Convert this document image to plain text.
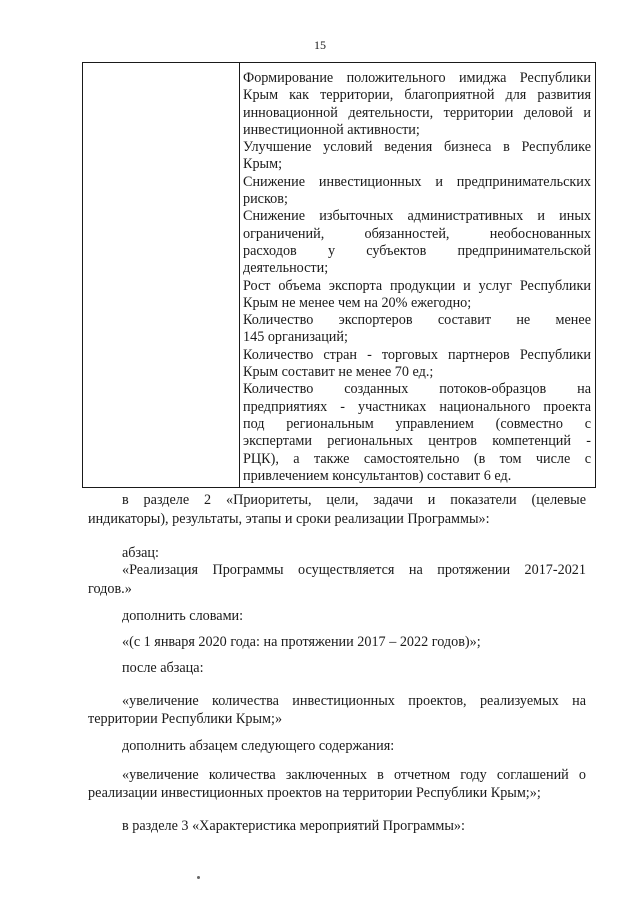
15
Формирование положительного имиджа Республики
Крым как территории, благоприятной для развития
инновационной деятельности, территории деловой и
инвестиционной активности;
Улучшение условий ведения бизнеса в Республике
Крым;
Снижение инвестиционных и предпринимательских
рисков;
Снижение избыточных административных и иных
ограничений, обязанностей, необоснованных
расходов у субъектов предпринимательской
деятельности;
Рост объема экспорта продукции и услуг Республики
Крым не менее чем на 20% ежегодно;
Количество экспортеров составит не менее
145 организаций;
Количество стран - торговых партнеров Республики
Крым составит не менее 70 ед.;
Количество созданных потоков-образцов на
предприятиях - участниках национального проекта
под региональным управлением (совместно с
экспертами региональных центров компетенций -
РЦК), а также самостоятельно (в том числе с
привлечением консультантов) составит 6 ед.
в разделе 2 «Приоритеты, цели, задачи и показатели (целевые
индикаторы), результаты, этапы и сроки реализации Программы»:
абзац:
«Реализация Программы осуществляется на протяжении 2017-2021
годов.»
дополнить словами:
«(с 1 января 2020 года: на протяжении 2017 – 2022 годов)»;
после абзаца:
«увеличение количества инвестиционных проектов, реализуемых на
территории Республики Крым;»
дополнить абзацем следующего содержания:
«увеличение количества заключенных в отчетном году соглашений о
реализации инвестиционных проектов на территории Республики Крым;»;
в разделе 3 «Характеристика мероприятий Программы»:
